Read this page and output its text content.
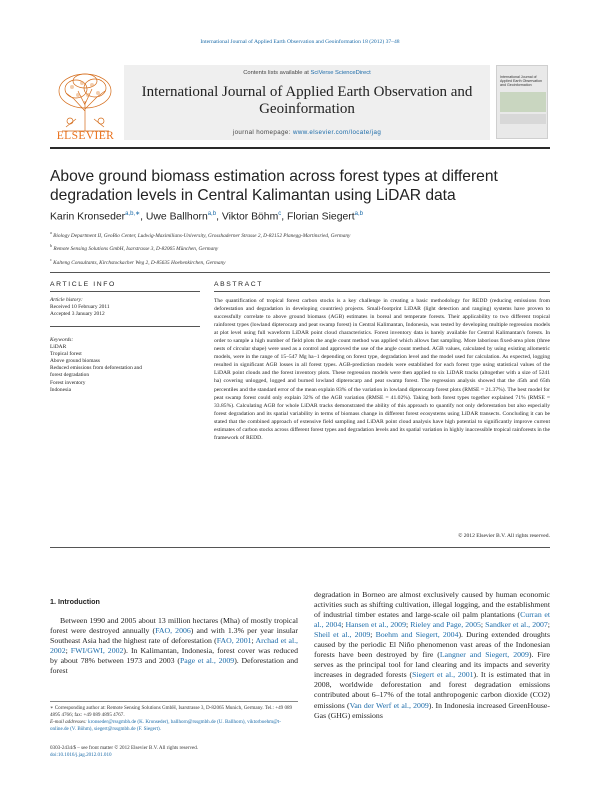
International Journal of Applied Earth Observation and Geoinformation 18 (2012) 37–48
ELSEVIER
Contents lists available at SciVerse ScienceDirect
International Journal of Applied Earth Observation and Geoinformation
journal homepage: www.elsevier.com/locate/jag
International Journal of Applied Earth Observation and Geoinformation
Above ground biomass estimation across forest types at different degradation levels in Central Kalimantan using LiDAR data
Karin Kronseder$^{a,b,∗}$, Uwe Ballhorn$^{a,b}$, Viktor Böhm$^c$, Florian Siegert$^{a,b}$
$^a$ Biology Department II, GeoBio Center, Ludwig-Maximilians-University, Grosshaderner Strasse 2, D-82152 Planegg-Martinsried, Germany
$^b$ Remote Sensing Solutions GmbH, Isarstrasse 3, D-82065 München, Germany
$^c$ Kalteng Consultants, Kirchstockacher Weg 2, D-85635 Hoehenkirchen, Germany
ARTICLE INFO	ABSTRACT
Article history:
Received 10 February 2011
Accepted 3 January 2012
Keywords:
LiDAR
Tropical forest
Above ground biomass
Reduced emissions from deforestation and
forest degradation
Forest inventory
Indonesia
The quantification of tropical forest carbon stocks is a key challenge in creating a basic methodology for REDD (reducing emissions from deforestation and degradation in developing countries) projects. Small-footprint LiDAR (light detection and ranging) systems have proven to successfully correlate to above ground biomass (AGB) estimates in boreal and temperate forests. Their applicability to two different tropical rainforest types (lowland dipterocarp and peat swamp forest) in Central Kalimantan, Indonesia, was tested by developing multiple regression models at plot level using full waveform LiDAR point cloud characteristics. Forest inventory data is barely available for Central Kalimantan's forests. In order to sample a high number of field plots the angle count method was applied which allows fast sampling. More laborious fixed-area plots (three nests of circular shape) were used as a control and approved the use of the angle count method. AGB values, calculated by using existing allometric models, were in the range of 15–547 Mg ha−1 depending on forest type, degradation level and the model used for calculation. As expected, logging resulted in significant AGB losses in all forest types. AGB-prediction models were established for each forest type using statistical values of the LiDAR point clouds and the forest inventory plots. These regression models were then applied to six LiDAR tracks (altogether with a size of 5241 ha) covering unlogged, logged and burned lowland dipterocarp and peat swamp forest. The regression analysis showed that the 45th and 65th percentiles and the standard error of the mean explain 83% of the variation in lowland dipterocarp forest plots (RMSE = 21.37%). The best model for peat swamp forest could only explain 32% of the AGB variation (RMSE = 41.02%). Taking both forest types together explained 71% (RMSE = 33.85%). Calculating AGB for whole LiDAR tracks demonstrated the ability of this approach to quantify not only deforestation but also especially forest degradation and its spatial variability in terms of biomass change in different forest ecosystems using LiDAR transects. Concluding it can be stated that the combined approach of extensive field sampling and LiDAR point cloud analysis have high potential to significantly improve current estimates of carbon stocks across different forest types and degradation levels and its spatial variation in highly inaccessible tropical rainforests in the framework of REDD.
© 2012 Elsevier B.V. All rights reserved.
1. Introduction
Between 1990 and 2005 about 13 million hectares (Mha) of mostly tropical forest were destroyed annually (FAO, 2006) and with 1.3% per year insular Southeast Asia had the highest rate of deforestation (FAO, 2001; Archad et al., 2002; FWI/GWI, 2002). In Kalimantan, Indonesia, forest cover was reduced by about 78% between 1973 and 2003 (Page et al., 2009). Deforestation and forest
degradation in Borneo are almost exclusively caused by human economic activities such as shifting cultivation, illegal logging, and the establishment of industrial timber estates and large-scale oil palm plantations (Curran et al., 2004; Hansen et al., 2009; Rieley and Page, 2005; Sandker et al., 2007; Sheil et al., 2009; Boehm and Siegert, 2004). During extended droughts caused by the periodic El Niño phenomenon vast areas of the Indonesian forests have been destroyed by fire (Langner and Siegert, 2009). Fire serves as the principal tool for land clearing and its impacts and severity increases in degraded forests (Siegert et al., 2001). It is estimated that in 2008, worldwide deforestation and forest degradation emissions contributed about 6–17% of the total anthropogenic carbon dioxide (CO2) emissions (Van der Werf et al., 2009). In Indonesia increased GreenHouse-Gas (GHG) emissions
∗ Corresponding author at: Remote Sensing Solutions GmbH, Isarstrasse 3, D-82065 Munich, Germany. Tel.: +49 089 4895 4766; fax: +49 089 4895 4767.
E-mail addresses: kronseder@rssgmbh.de (K. Kronseder), ballhorn@rssgmbh.de (U. Ballhorn), viktorboehm@t-online.de (V. Böhm), siegert@rssgmbh.de (F. Siegert).
0303-2434/$ – see front matter © 2012 Elsevier B.V. All rights reserved.
doi:10.1016/j.jag.2012.01.010
